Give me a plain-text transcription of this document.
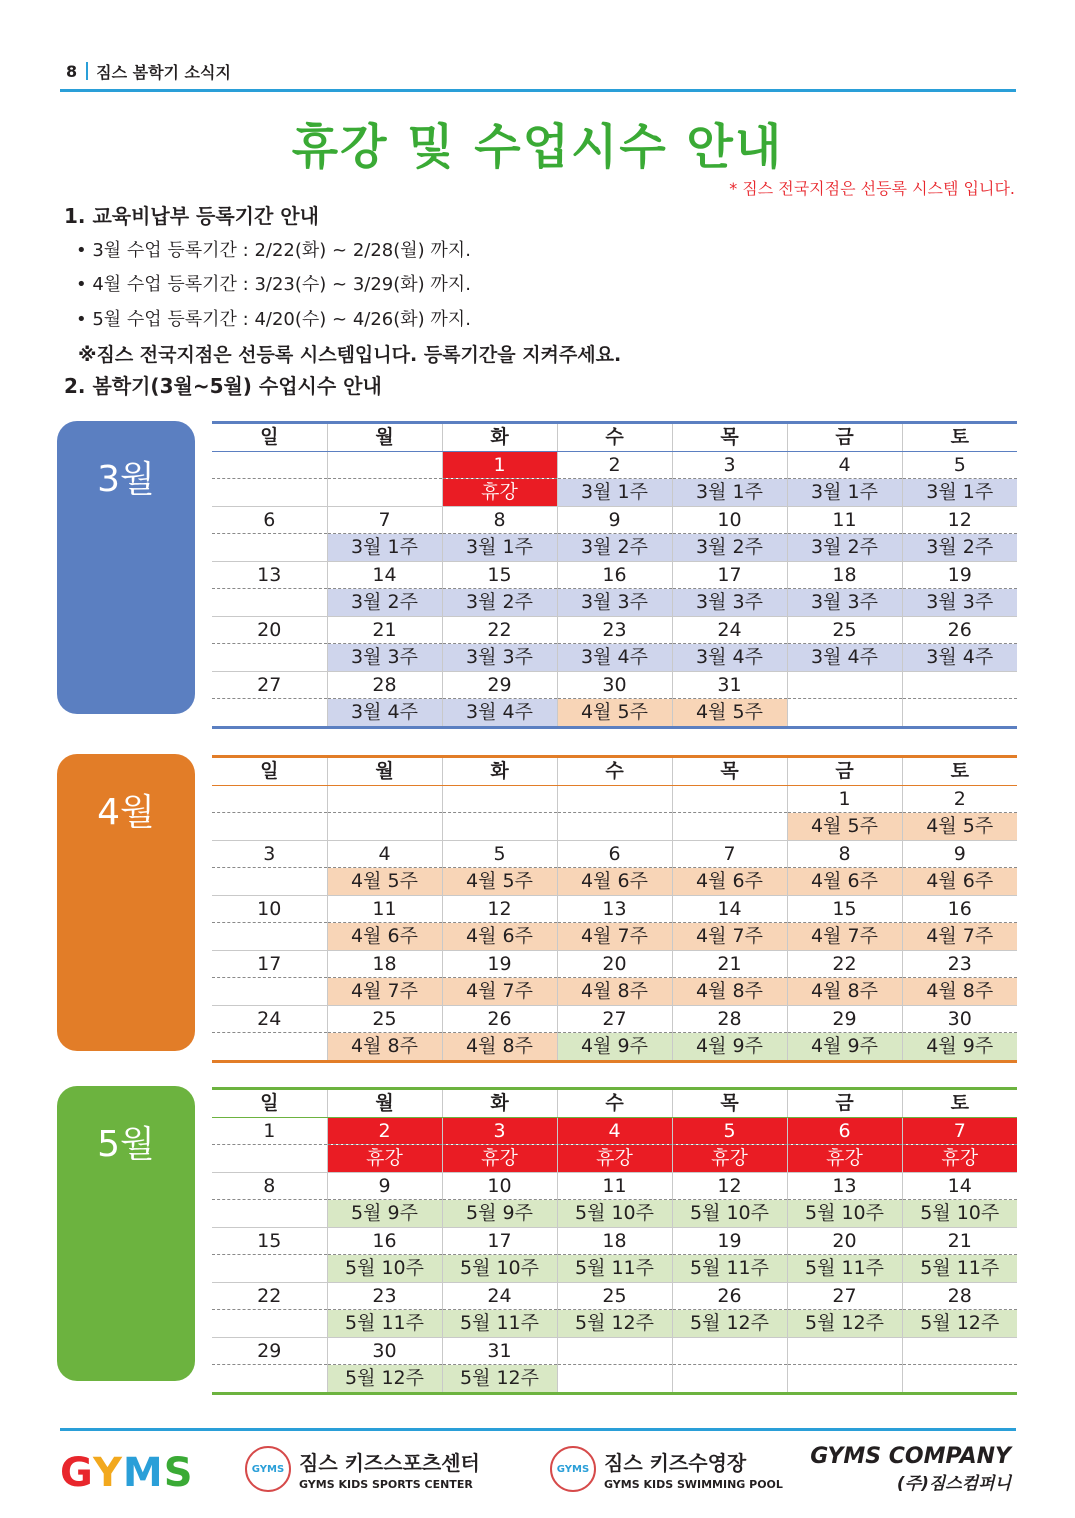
8 짐스 봄학기 소식지
휴강 및 수업시수 안내
* 짐스 전국지점은 선등록 시스템 입니다.
1. 교육비납부 등록기간 안내
• 3월 수업 등록기간 : 2/22(화) ~ 2/28(월) 까지.
• 4월 수업 등록기간 : 3/23(수) ~ 3/29(화) 까지.
• 5월 수업 등록기간 : 4/20(수) ~ 4/26(화) 까지.
※짐스 전국지점은 선등록 시스템입니다. 등록기간을 지켜주세요.
2. 봄학기(3월~5월) 수업시수 안내
3월
4월
5월
일	월	화	수	목	금	토
		1	2	3	4	5
		휴강	3월 1주	3월 1주	3월 1주	3월 1주
6	7	8	9	10	11	12
	3월 1주	3월 1주	3월 2주	3월 2주	3월 2주	3월 2주
13	14	15	16	17	18	19
	3월 2주	3월 2주	3월 3주	3월 3주	3월 3주	3월 3주
20	21	22	23	24	25	26
	3월 3주	3월 3주	3월 4주	3월 4주	3월 4주	3월 4주
27	28	29	30	31		
	3월 4주	3월 4주	4월 5주	4월 5주		
일	월	화	수	목	금	토
					1	2
					4월 5주	4월 5주
3	4	5	6	7	8	9
	4월 5주	4월 5주	4월 6주	4월 6주	4월 6주	4월 6주
10	11	12	13	14	15	16
	4월 6주	4월 6주	4월 7주	4월 7주	4월 7주	4월 7주
17	18	19	20	21	22	23
	4월 7주	4월 7주	4월 8주	4월 8주	4월 8주	4월 8주
24	25	26	27	28	29	30
	4월 8주	4월 8주	4월 9주	4월 9주	4월 9주	4월 9주
일	월	화	수	목	금	토
1	2	3	4	5	6	7
	휴강	휴강	휴강	휴강	휴강	휴강
8	9	10	11	12	13	14
	5월 9주	5월 9주	5월 10주	5월 10주	5월 10주	5월 10주
15	16	17	18	19	20	21
	5월 10주	5월 10주	5월 11주	5월 11주	5월 11주	5월 11주
22	23	24	25	26	27	28
	5월 11주	5월 11주	5월 12주	5월 12주	5월 12주	5월 12주
29	30	31				
	5월 12주	5월 12주				
GYMS	GYMS 짐스 키즈스포츠센터
GYMS KIDS SPORTS CENTER
GYMS 짐스 키즈수영장
GYMS KIDS SWIMMING POOL
GYMS COMPANY
(주)짐스컴퍼니
